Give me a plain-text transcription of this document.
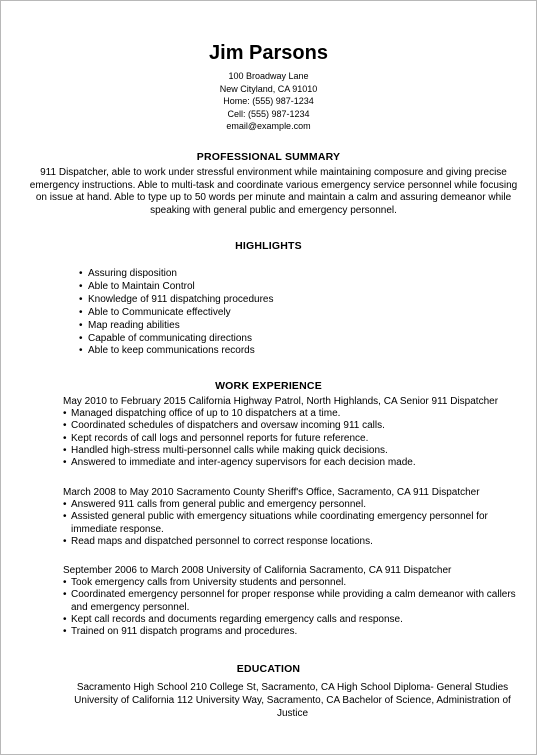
Jim Parsons
100 Broadway Lane
New Cityland, CA 91010
Home: (555) 987-1234
Cell: (555) 987-1234
email@example.com
PROFESSIONAL SUMMARY
911 Dispatcher, able to work under stressful environment while maintaining composure and giving precise emergency instructions. Able to multi-task and coordinate various emergency service personnel while focusing on issue at hand. Able to type up to 50 words per minute and maintain a calm and assuring demeanor while speaking with general public and emergency personnel.
HIGHLIGHTS
• Assuring disposition
• Able to Maintain Control
• Knowledge of 911 dispatching procedures
• Able to Communicate effectively
• Map reading abilities
• Capable of communicating directions
• Able to keep communications records
WORK EXPERIENCE
May 2010 to February 2015 California Highway Patrol, North Highlands, CA Senior 911 Dispatcher
• Managed dispatching office of up to 10 dispatchers at a time.
• Coordinated schedules of dispatchers and oversaw incoming 911 calls.
• Kept records of call logs and personnel reports for future reference.
• Handled high-stress multi-personnel calls while making quick decisions.
• Answered to immediate and inter-agency supervisors for each decision made.
March 2008 to May 2010 Sacramento County Sheriff's Office, Sacramento, CA 911 Dispatcher
• Answered 911 calls from general public and emergency personnel.
• Assisted general public with emergency situations while coordinating emergency personnel for immediate response.
• Read maps and dispatched personnel to correct response locations.
September 2006 to March 2008 University of California Sacramento, CA 911 Dispatcher
• Took emergency calls from University students and personnel.
• Coordinated emergency personnel for proper response while providing a calm demeanor with callers and emergency personnel.
• Kept call records and documents regarding emergency calls and response.
• Trained on 911 dispatch programs and procedures.
EDUCATION
Sacramento High School 210 College St, Sacramento, CA High School Diploma- General Studies
University of California 112 University Way, Sacramento, CA Bachelor of Science, Administration of Justice
